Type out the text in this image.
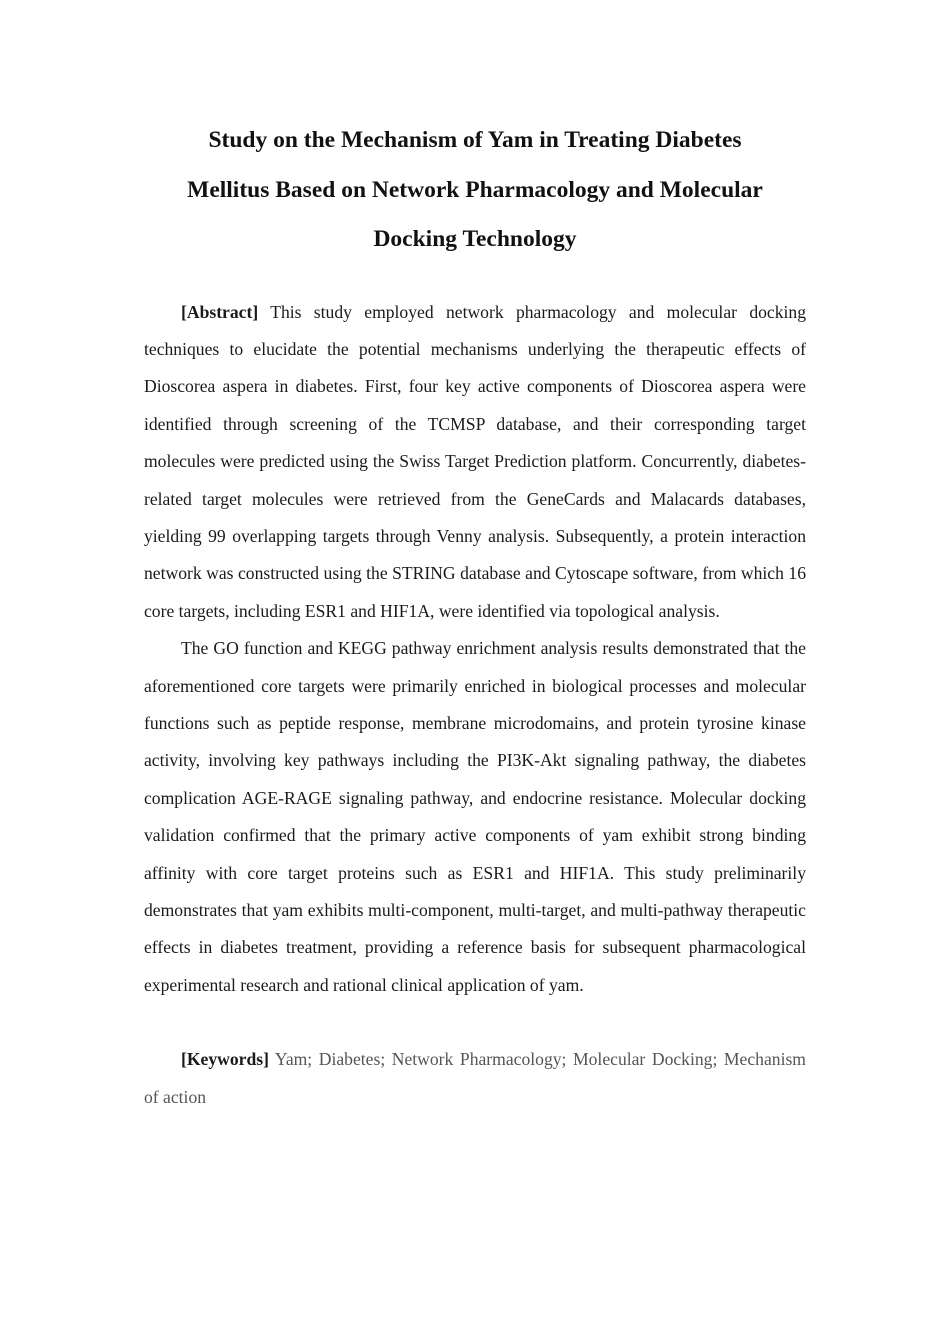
Study on the Mechanism of Yam in Treating Diabetes
Mellitus Based on Network Pharmacology and Molecular
Docking Technology

[Abstract] This study employed network pharmacology and molecular docking techniques to elucidate the potential mechanisms underlying the therapeutic effects of Dioscorea aspera in diabetes. First, four key active components of Dioscorea aspera were identified through screening of the TCMSP database, and their corresponding target molecules were predicted using the Swiss Target Prediction platform. Concurrently, diabetes-related target molecules were retrieved from the GeneCards and Malacards databases, yielding 99 overlapping targets through Venny analysis. Subsequently, a protein interaction network was constructed using the STRING database and Cytoscape software, from which 16 core targets, including ESR1 and HIF1A, were identified via topological analysis.

The GO function and KEGG pathway enrichment analysis results demonstrated that the aforementioned core targets were primarily enriched in biological processes and molecular functions such as peptide response, membrane microdomains, and protein tyrosine kinase activity, involving key pathways including the PI3K-Akt signaling pathway, the diabetes complication AGE-RAGE signaling pathway, and endocrine resistance. Molecular docking validation confirmed that the primary active components of yam exhibit strong binding affinity with core target proteins such as ESR1 and HIF1A. This study preliminarily demonstrates that yam exhibits multi-component, multi-target, and multi-pathway therapeutic effects in diabetes treatment, providing a reference basis for subsequent pharmacological experimental research and rational clinical application of yam.

[Keywords] Yam; Diabetes; Network Pharmacology; Molecular Docking; Mechanism of action
